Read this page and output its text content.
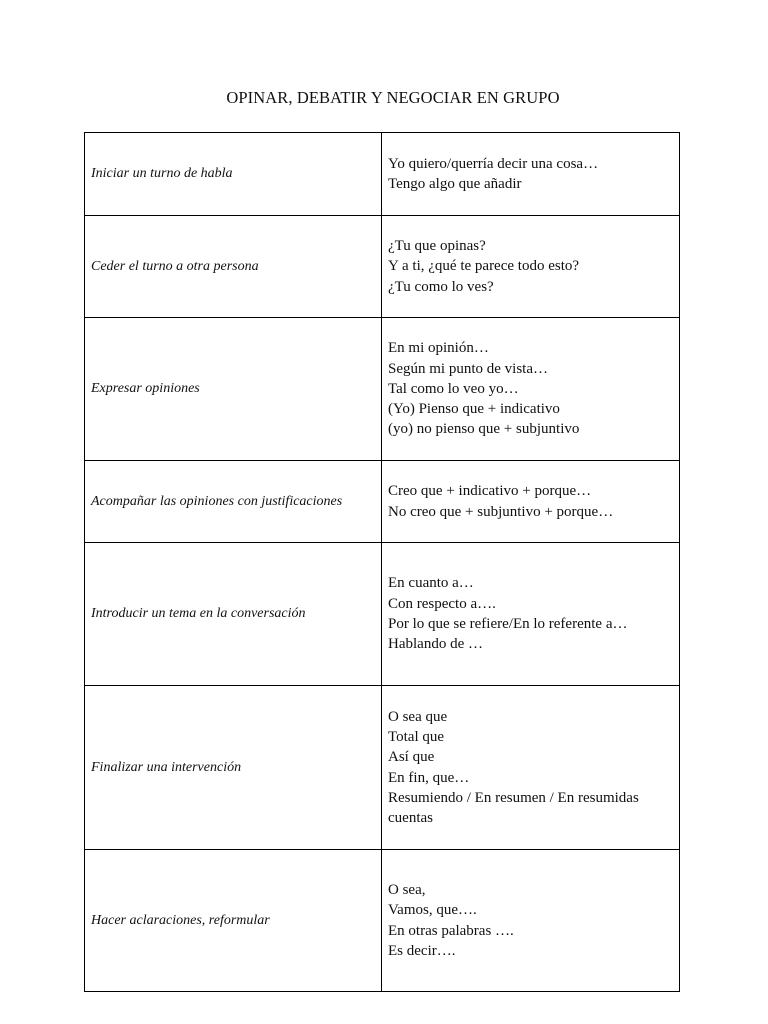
OPINAR, DEBATIR Y NEGOCIAR EN GRUPO
Iniciar un turno de habla	Yo quiero/querría decir una cosa…
Tengo algo que añadir

Ceder el turno a otra persona	¿Tu que opinas?
Y a ti, ¿qué te parece todo esto?
¿Tu como lo ves?

Expresar opiniones	En mi opinión…
Según mi punto de vista…
Tal como lo veo yo…
(Yo) Pienso que + indicativo
(yo) no pienso que + subjuntivo

Acompañar las opiniones con justificaciones	Creo que + indicativo + porque…
No creo que + subjuntivo + porque…

Introducir un tema en la conversación	En cuanto a…
Con respecto a….
Por lo que se refiere/En lo referente a…
Hablando de …

Finalizar una intervención	O sea que
Total que
Así que
En fin, que…
Resumiendo / En resumen / En resumidas cuentas

Hacer aclaraciones, reformular	O sea,
Vamos, que….
En otras palabras ….
Es decir….
